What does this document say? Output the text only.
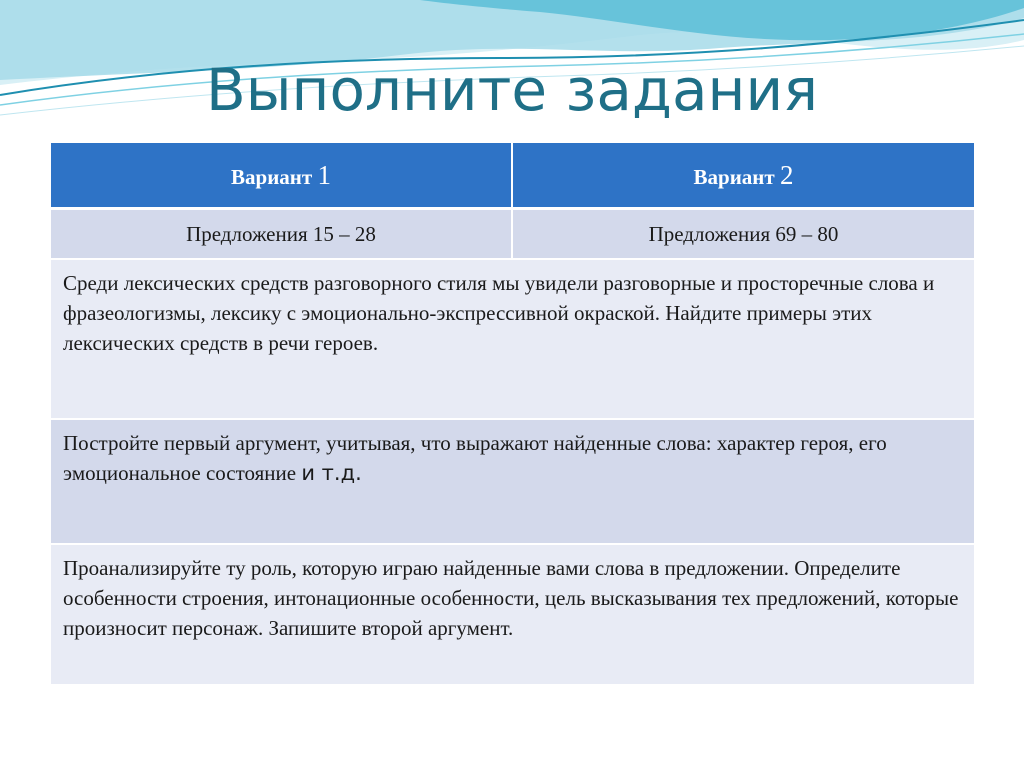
Выполните задания
Вариант 1	Вариант 2
Предложения 15 – 28	Предложения 69 – 80
Среди лексических средств разговорного стиля мы увидели разговорные и просторечные слова и фразеологизмы, лексику с эмоционально-экспрессивной окраской. Найдите примеры этих лексических средств в речи героев.	
Постройте первый аргумент, учитывая, что выражают найденные слова: характер героя, его эмоциональное состояние и т.д.	
Проанализируйте ту роль, которую играю найденные вами слова в предложении. Определите особенности строения, интонационные особенности, цель высказывания тех предложений, которые произносит персонаж. Запишите второй аргумент.	
